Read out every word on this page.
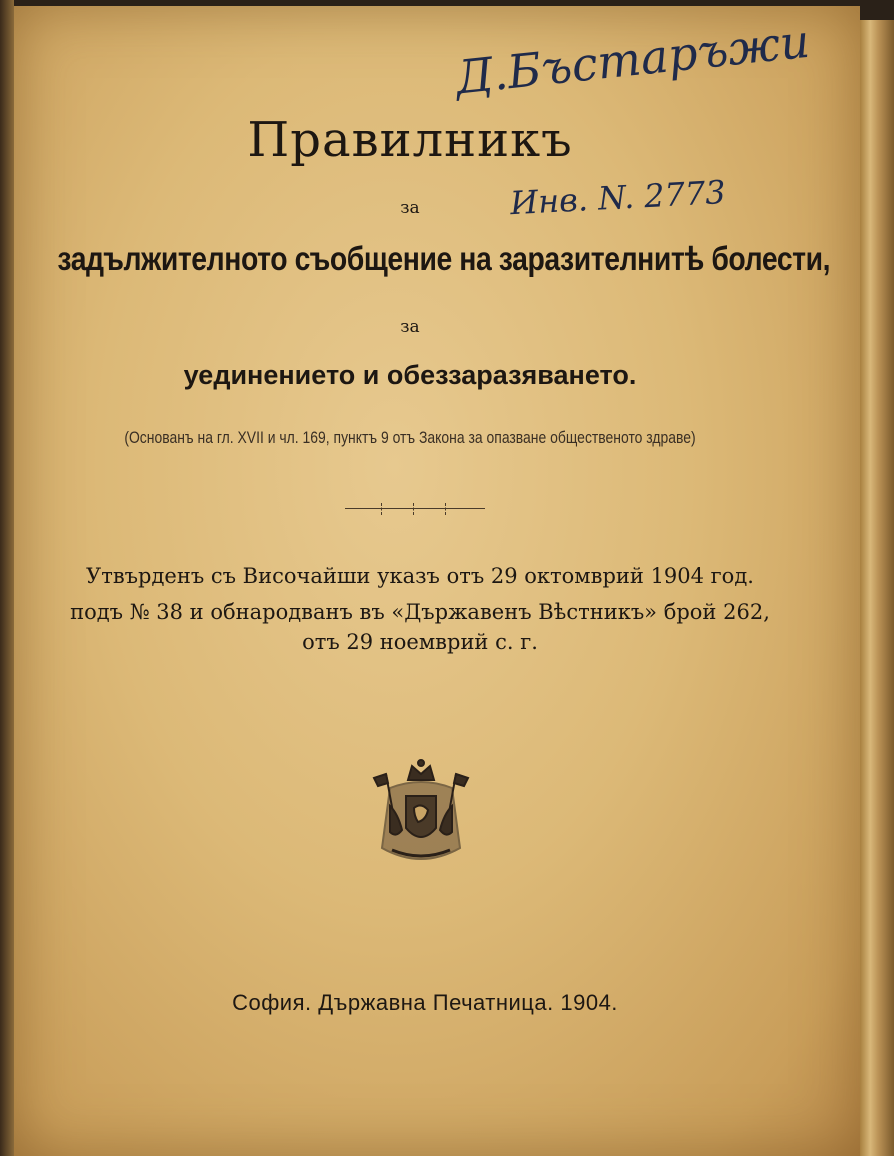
Д.Бъстаръжи
Инв. N. 2773
Правилникъ
за
задължителното съобщение на заразителнитѣ болести,
за
уединението и обеззаразяването.
(Основанъ на гл. XVII и чл. 169, пунктъ 9 отъ Закона за опазване общественото здраве)
Утвърденъ съ Височайши указъ отъ 29 октомврий 1904 год.
подъ № 38 и обнародванъ въ «Държавенъ Вѣстникъ» брой 262,
отъ 29 ноемврий с. г.
София. Държавна Печатница. 1904.
